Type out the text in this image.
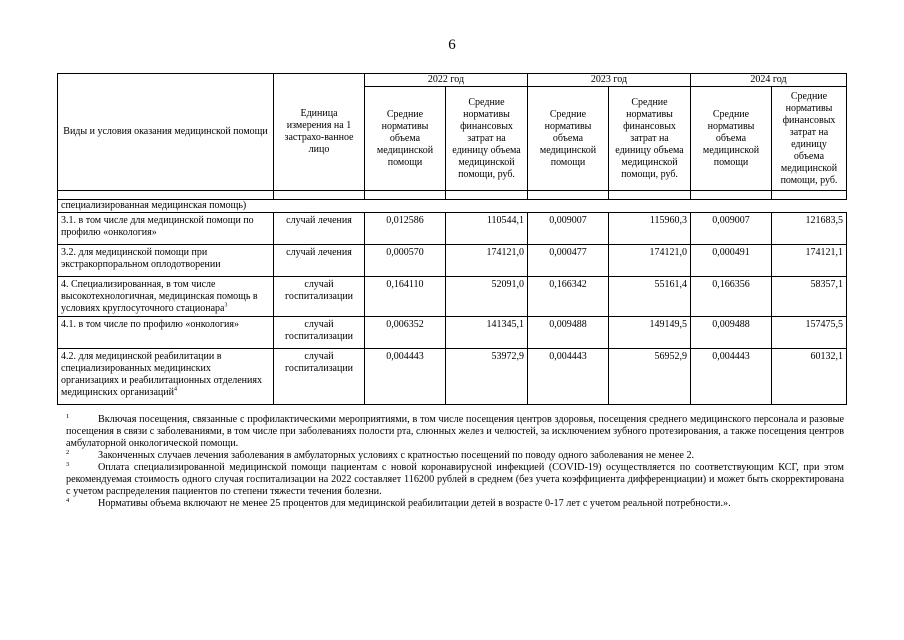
6
Виды и условия оказания медицинской помощи	Единица измерения на 1 застрахо-ванное лицо	2022 год		2023 год		2024 год	
		Средние нормативы объема медицинской помощи	Средние нормативы финансовых затрат на единицу объема медицинской помощи, руб.	Средние нормативы объема медицинской помощи	Средние нормативы финансовых затрат на единицу объема медицинской помощи, руб.	Средние нормативы объема медицинской помощи	Средние нормативы финансовых затрат на единицу объема медицинской помощи, руб.

специализированная медицинская помощь)							
3.1. в том числе для медицинской помощи по профилю «онкология»	случай лечения	0,012586	110544,1	0,009007	115960,3	0,009007	121683,5
3.2. для медицинской помощи при экстракорпоральном оплодотворении	случай лечения	0,000570	174121,0	0,000477	174121,0	0,000491	174121,1
4. Специализированная, в том числе высокотехнологичная, медицинская помощь в условиях круглосуточного стационара$^3$	случай госпитализации	0,164110	52091,0	0,166342	55161,4	0,166356	58357,1
4.1. в том числе по профилю «онкология»	случай госпитализации	0,006352	141345,1	0,009488	149149,5	0,009488	157475,5
4.2. для медицинской реабилитации в специализированных медицинских организациях и реабилитационных отделениях медицинских организаций$^4$	случай госпитализации	0,004443	53972,9	0,004443	56952,9	0,004443	60132,1
1	Включая посещения, связанные с профилактическими мероприятиями, в том числе посещения центров здоровья, посещения среднего медицинского персонала и разовые посещения в связи с заболеваниями, в том числе при заболеваниях полости рта, слюнных желез и челюстей, за исключением зубного протезирования, а также посещения центров амбулаторной онкологической помощи.
2	Законченных случаев лечения заболевания в амбулаторных условиях с кратностью посещений по поводу одного заболевания не менее 2.
3	Оплата специализированной медицинской помощи пациентам с новой коронавирусной инфекцией (COVID-19) осуществляется по соответствующим КСГ, при этом рекомендуемая стоимость одного случая госпитализации на 2022 составляет 116200 рублей в среднем (без учета коэффициента дифференциации) и может быть скорректирована с учетом распределения пациентов по степени тяжести течения болезни.
4	Нормативы объема включают не менее 25 процентов для медицинской реабилитации детей в возрасте 0-17 лет с учетом реальной потребности.».
